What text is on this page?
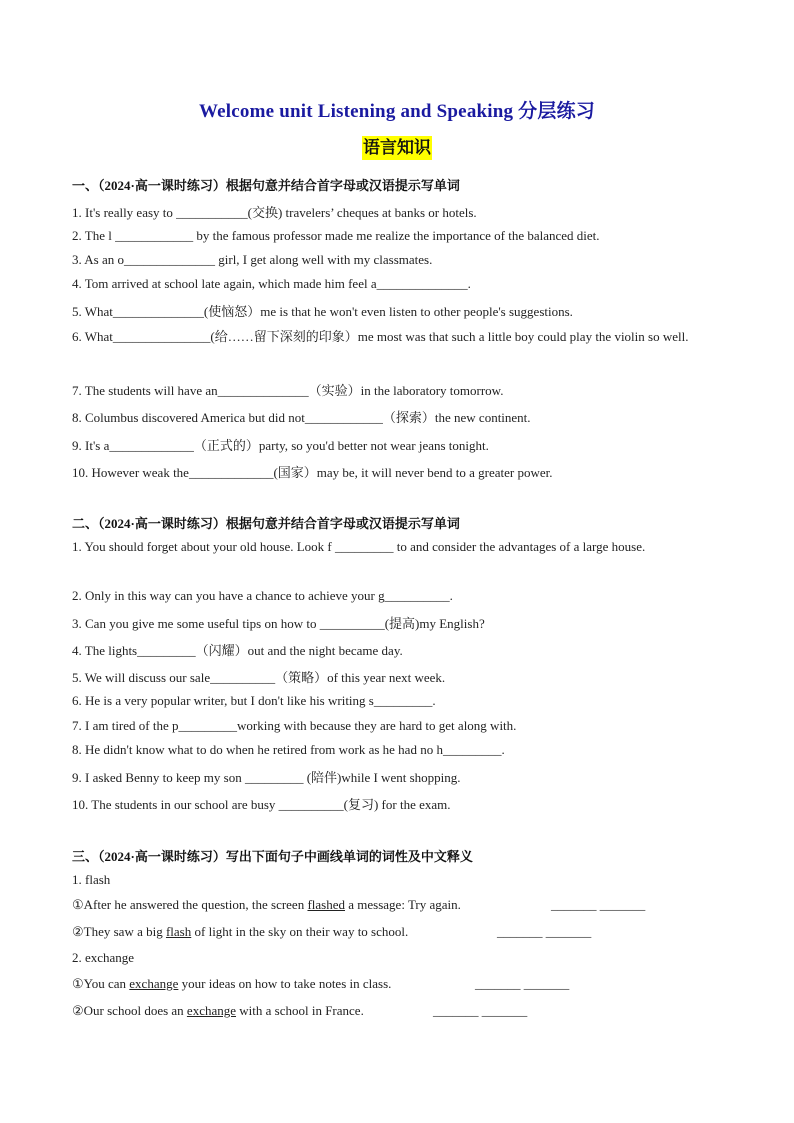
Welcome unit Listening and Speaking 分层练习
语言知识
一、（2024·高一课时练习）根据句意并结合首字母或汉语提示写单词
1. It's really easy to ___________(交换) travelers’ cheques at banks or hotels.
2. The l ____________ by the famous professor made me realize the importance of the balanced diet.
3. As an o______________ girl, I get along well with my classmates.
4. Tom arrived at school late again, which made him feel a______________.
5. What______________(使恼怒）me is that he won't even listen to other people's suggestions.
6. What_______________(给……留下深刻的印象）me most was that such a little boy could play the violin so well.
7. The students will have an______________（实验）in the laboratory tomorrow.
8. Columbus discovered America but did not____________（探索）the new continent.
9. It's a_____________（正式的）party, so you'd better not wear jeans tonight.
10. However weak the_____________(国家）may be, it will never bend to a greater power.
二、（2024·高一课时练习）根据句意并结合首字母或汉语提示写单词
1. You should forget about your old house. Look f _________ to and consider the advantages of a large house.
2. Only in this way can you have a chance to achieve your g__________.
3. Can you give me some useful tips on how to __________(提高)my English?
4. The lights_________（闪耀）out and the night became day.
5. We will discuss our sale__________（策略）of this year next week.
6. He is a very popular writer, but I don't like his writing s_________.
7. I am tired of the p_________working with because they are hard to get along with.
8. He didn't know what to do when he retired from work as he had no h_________.
9. I asked Benny to keep my son _________ (陪伴)while I went shopping.
10. The students in our school are busy __________(复习) for the exam.
三、（2024·高一课时练习）写出下面句子中画线单词的词性及中文释义
1. flash
①After he answered the question, the screen flashed a message: Try again.	_______ _______
②They saw a big flash of light in the sky on their way to school.	_______ _______
2. exchange
①You can exchange your ideas on how to take notes in class.	_______ _______
②Our school does an exchange with a school in France.	_______ _______
